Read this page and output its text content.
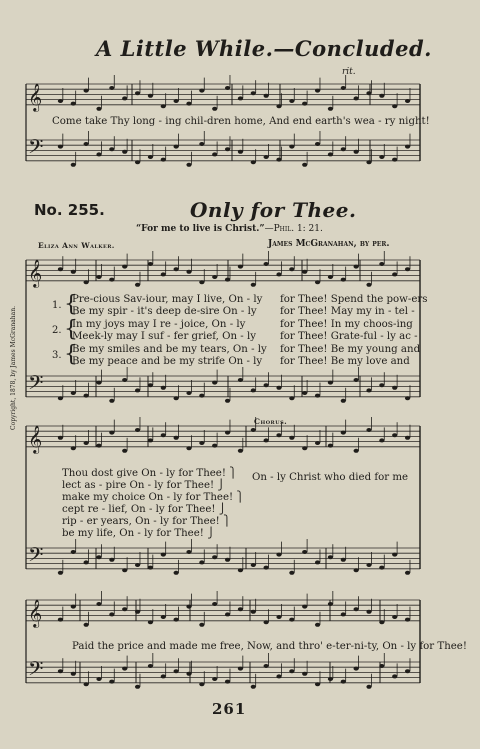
A Little While.—Concluded.
𝄞
𝄢
𝄞
𝄢
𝄞
𝄢
𝄞
𝄢
rit.
Come take Thy long - ing chil-dren home, And end earth's wea - ry night!
No. 255.	Only for Thee.
“For me to live is Christ.”—Phil. 1: 21.
Eliza Ann Walker.	James McGranahan, by per.
Copyright, 1878, by James McGranahan.
1. {
Pre-cious Sav-iour, may I live, On - ly for Thee! Spend the pow-ers
Be my spir - it's deep de-sire On - ly for Thee! May my in - tel -
2. {
In my joys may I re - joice, On - ly	for Thee! In my choos-ing
Meek-ly may I suf - fer grief, On - ly for Thee! Grate-ful - ly ac -
3. {
Be my smiles and be my tears, On - ly for Thee! Be my young and
Be my peace and be my strife On - ly for Thee! Be my love and
Chorus.
Thou dost give On - ly for Thee! ⎫
lect as - pire On - ly for Thee! ⎭
make my choice On - ly for Thee! ⎫
cept re - lief, On - ly for Thee! ⎭
rip - er years, On - ly for Thee! ⎫
be my life, On - ly for Thee! ⎭
On - ly Christ who died for me
Paid the price and made me free, Now, and thro' e-ter-ni-ty, On - ly for Thee!
261
